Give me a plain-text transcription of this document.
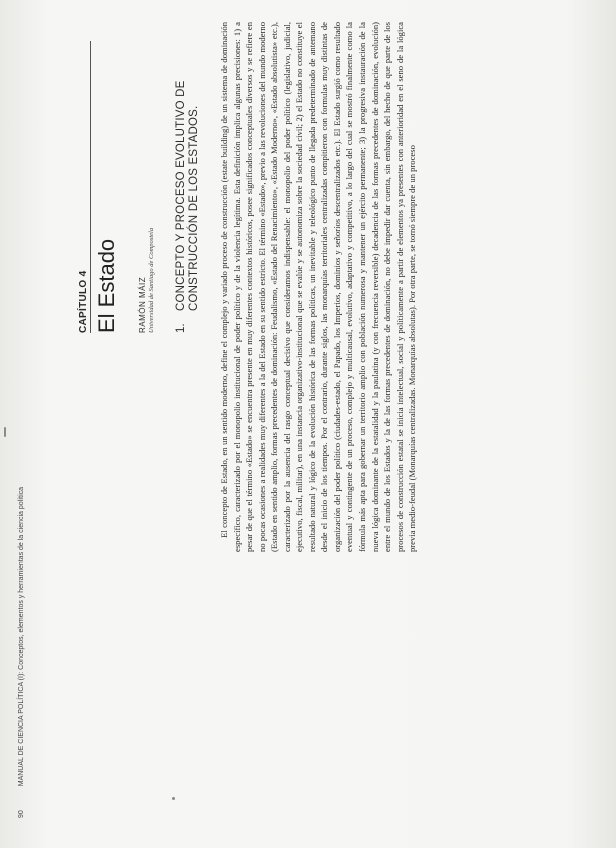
90 MANUAL DE CIENCIA POLÍTICA (I): Conceptos, elementos y herramientas de la ciencia política
CAPÍTULO 4 El Estado RAMÓN MÁIZ Universidad de Santiago de Compostela 1.
CONCEPTO Y PROCESO EVOLUTIVO DE CONSTRUCCIÓN DE LOS ESTADOS. El concepto de Estado, en un sentido moderno, define el complejo y variado proceso de construcción (estate building) de un sistema de dominación específico, caracterizado por el monopolio institucional de poder político y de la violencia legítima. Esta definición implica algunas precisiones: 1) a pesar de que el término «Estado» se encuentra presente en muy diferentes contextos históricos, posee significados conceptuales diversos y se refiere en no pocas ocasiones a realidades muy diferentes a la del Estado en su sentido estricto. El término «Estado», previo a las revoluciones del mundo moderno (Estado en sentido amplio, formas precedentes de dominación: Feudalismo, «Estado del Renacimiento», «Estado Moderno», «Estado absolutista» etc.), caracterizado por la ausencia del rasgo conceptual decisivo que consideramos indispensable: el monopolio del poder político (legislativo, judicial, ejecutivo, fiscal, militar), en una instancia organizativo-institucional que se evalúe y se autonomiza sobre la sociedad civil; 2) el Estado no constituye el resultado natural y lógico de la evolución histórica de las formas políticas, un inevitable y teleológico punto de llegada predeterminado de antemano desde el inicio de los tiempos. Por el contrario, durante siglos, las monarquías territoriales centralizadas compitieron con formulas muy distintas de organización del poder político (ciudades-estado, el Papado, los Imperios, dominios y señoríos descentralizados etc.). El Estado surgió como resultado eventual y contingente de un proceso, complejo y multicausal, evolutivo, adaptativo y competitivo, a lo largo del cual se mostró finalmente como la fórmula más apta para gobernar un territorio amplio con población numerosa y mantener un ejército permanente; 3) la progresiva instauración de la nueva lógica dominante de la estatalidad y la paulatina (y con frecuencia reversible) decadencia de las formas precedentes de dominación, evolución) entre el mundo de los Estados y la de las formas precedentes de dominación, no debe impedir dar cuenta, sin embargo, del hecho de que parte de los procesos de construcción estatal se inicia intelectual, social y políticamente a partir de elementos ya presentes con anterioridad en el seno de la lógica previa medio-feudal (Monarquías centralizadas. Monarquías absolutas). Por otra parte, se tornó siempre de un proceso
